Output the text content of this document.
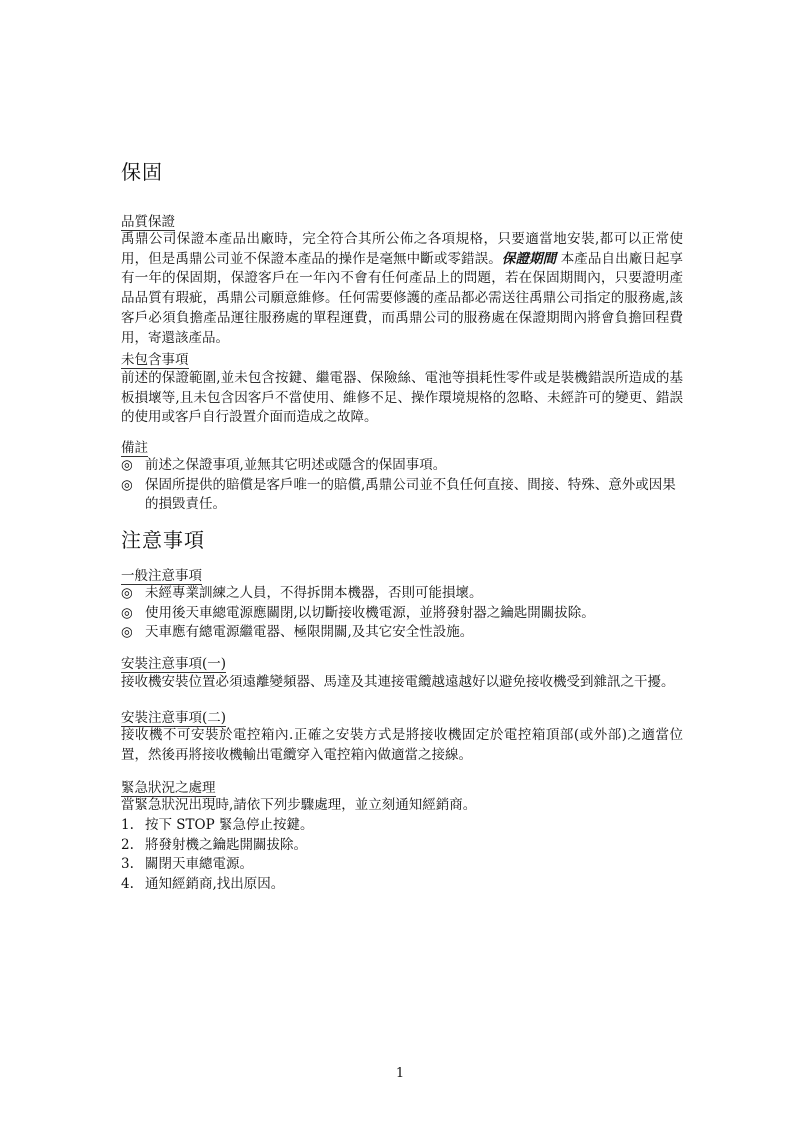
保固
品質保證

禹鼎公司保證本產品出廠時，完全符合其所公佈之各項規格，只要適當地安裝,都可以正常使用，但是禹鼎公司並不保證本產品的操作是毫無中斷或零錯誤。保證期間 本產品自出廠日起享有一年的保固期，保證客戶在一年內不會有任何產品上的問題，若在保固期間內，只要證明產品品質有瑕疵，禹鼎公司願意維修。任何需要修護的產品都必需送往禹鼎公司指定的服務處,該客戶必須負擔產品運往服務處的單程運費，而禹鼎公司的服務處在保證期間內將會負擔回程費用，寄還該產品。

未包含事項

前述的保證範圍,並未包含按鍵、繼電器、保險絲、電池等損耗性零件或是裝機錯誤所造成的基板損壞等,且未包含因客戶不當使用、維修不足、操作環境規格的忽略、未經許可的變更、錯誤的使用或客戶自行設置介面而造成之故障。

備註
◎ 前述之保證事項,並無其它明述或隱含的保固事項。
◎ 保固所提供的賠償是客戶唯一的賠償,禹鼎公司並不負任何直接、間接、特殊、意外或因果的損毀責任。
注意事項
一般注意事項
◎ 未經專業訓練之人員，不得拆開本機器，否則可能損壞。
◎ 使用後天車總電源應關閉,以切斷接收機電源，並將發射器之鑰匙開關拔除。
◎ 天車應有總電源繼電器、極限開關,及其它安全性設施。
安裝注意事項(一)

接收機安裝位置必須遠離變頻器、馬達及其連接電纜越遠越好以避免接收機受到雜訊之干擾。

安裝注意事項(二)

接收機不可安裝於電控箱內.正確之安裝方式是將接收機固定於電控箱頂部(或外部)之適當位置，然後再將接收機輸出電纜穿入電控箱內做適當之接線。

緊急狀況之處理

當緊急狀況出現時,請依下列步驟處理，並立刻通知經銷商。

1. 按下 STOP 緊急停止按鍵。
2. 將發射機之鑰匙開關拔除。
3. 關閉天車總電源。
4. 通知經銷商,找出原因。
1
